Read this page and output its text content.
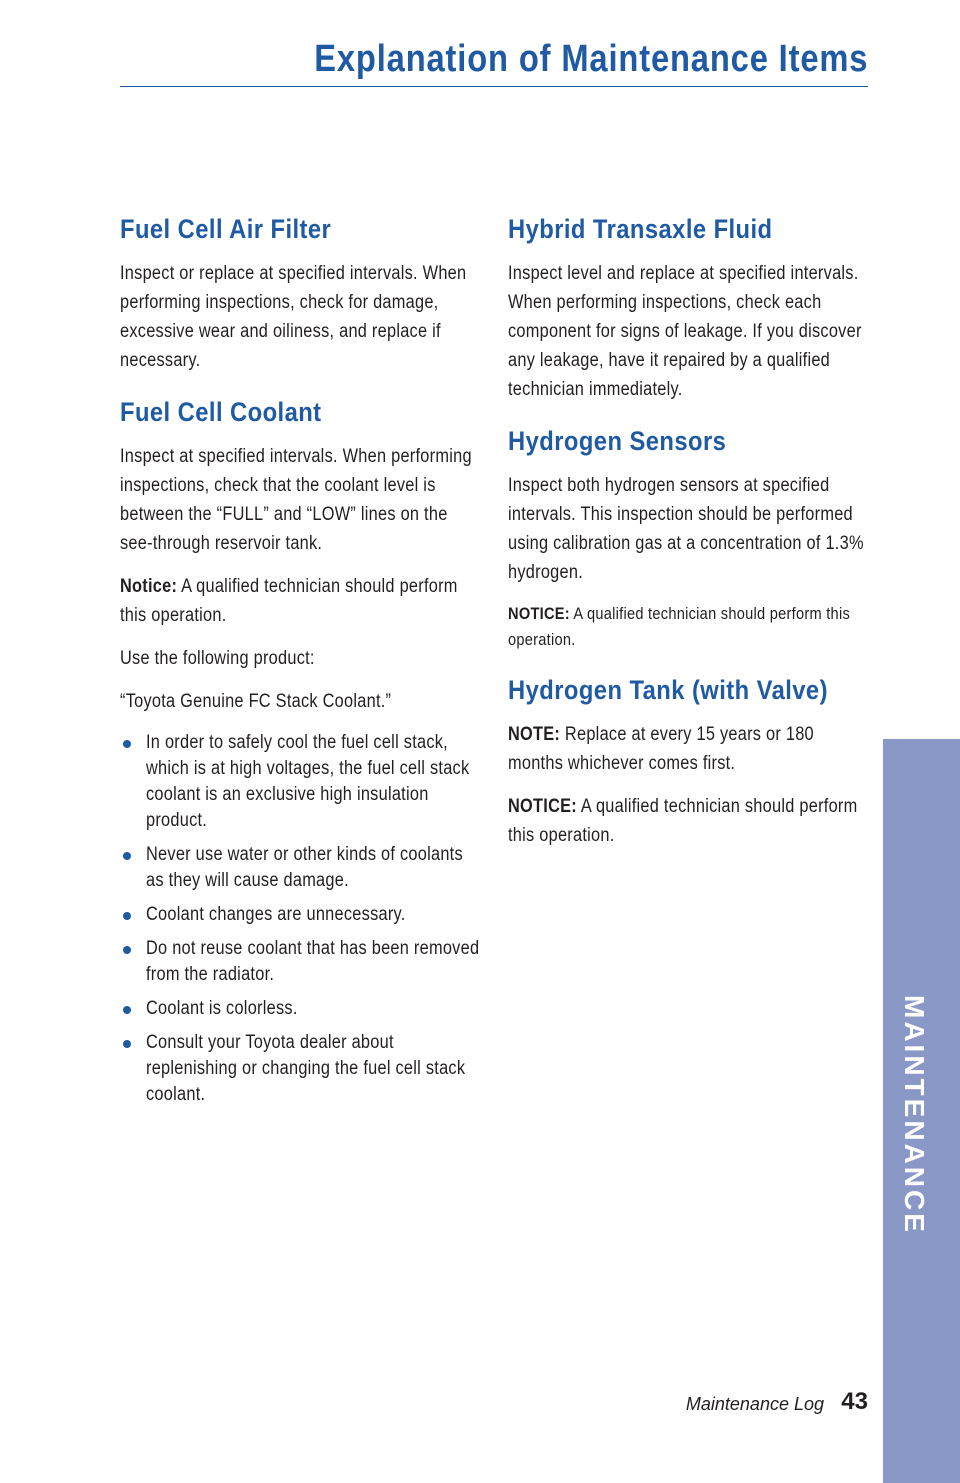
Explanation of Maintenance Items
Fuel Cell Air Filter

Inspect or replace at specified intervals. When performing inspections, check for damage, excessive wear and oiliness, and replace if necessary.

Fuel Cell Coolant

Inspect at specified intervals. When performing inspections, check that the coolant level is between the “FULL” and “LOW” lines on the see-through reservoir tank.

Notice: A qualified technician should perform this operation.

Use the following product:

“Toyota Genuine FC Stack Coolant.”

In order to safely cool the fuel cell stack, which is at high voltages, the fuel cell stack coolant is an exclusive high insulation product.
Never use water or other kinds of coolants as they will cause damage.
Coolant changes are unnecessary.
Do not reuse coolant that has been removed from the radiator.
Coolant is colorless.
Consult your Toyota dealer about replenishing or changing the fuel cell stack coolant.
Hybrid Transaxle Fluid

Inspect level and replace at specified intervals. When performing inspections, check each component for signs of leakage. If you discover any leakage, have it repaired by a qualified technician immediately.

Hydrogen Sensors

Inspect both hydrogen sensors at specified intervals. This inspection should be performed using calibration gas at a concentration of 1.3% hydrogen.

NOTICE: A qualified technician should perform this operation.

Hydrogen Tank (with Valve)

NOTE: Replace at every 15 years or 180 months whichever comes first.

NOTICE: A qualified technician should perform this operation.

MAINTENANCE
Maintenance Log 43
